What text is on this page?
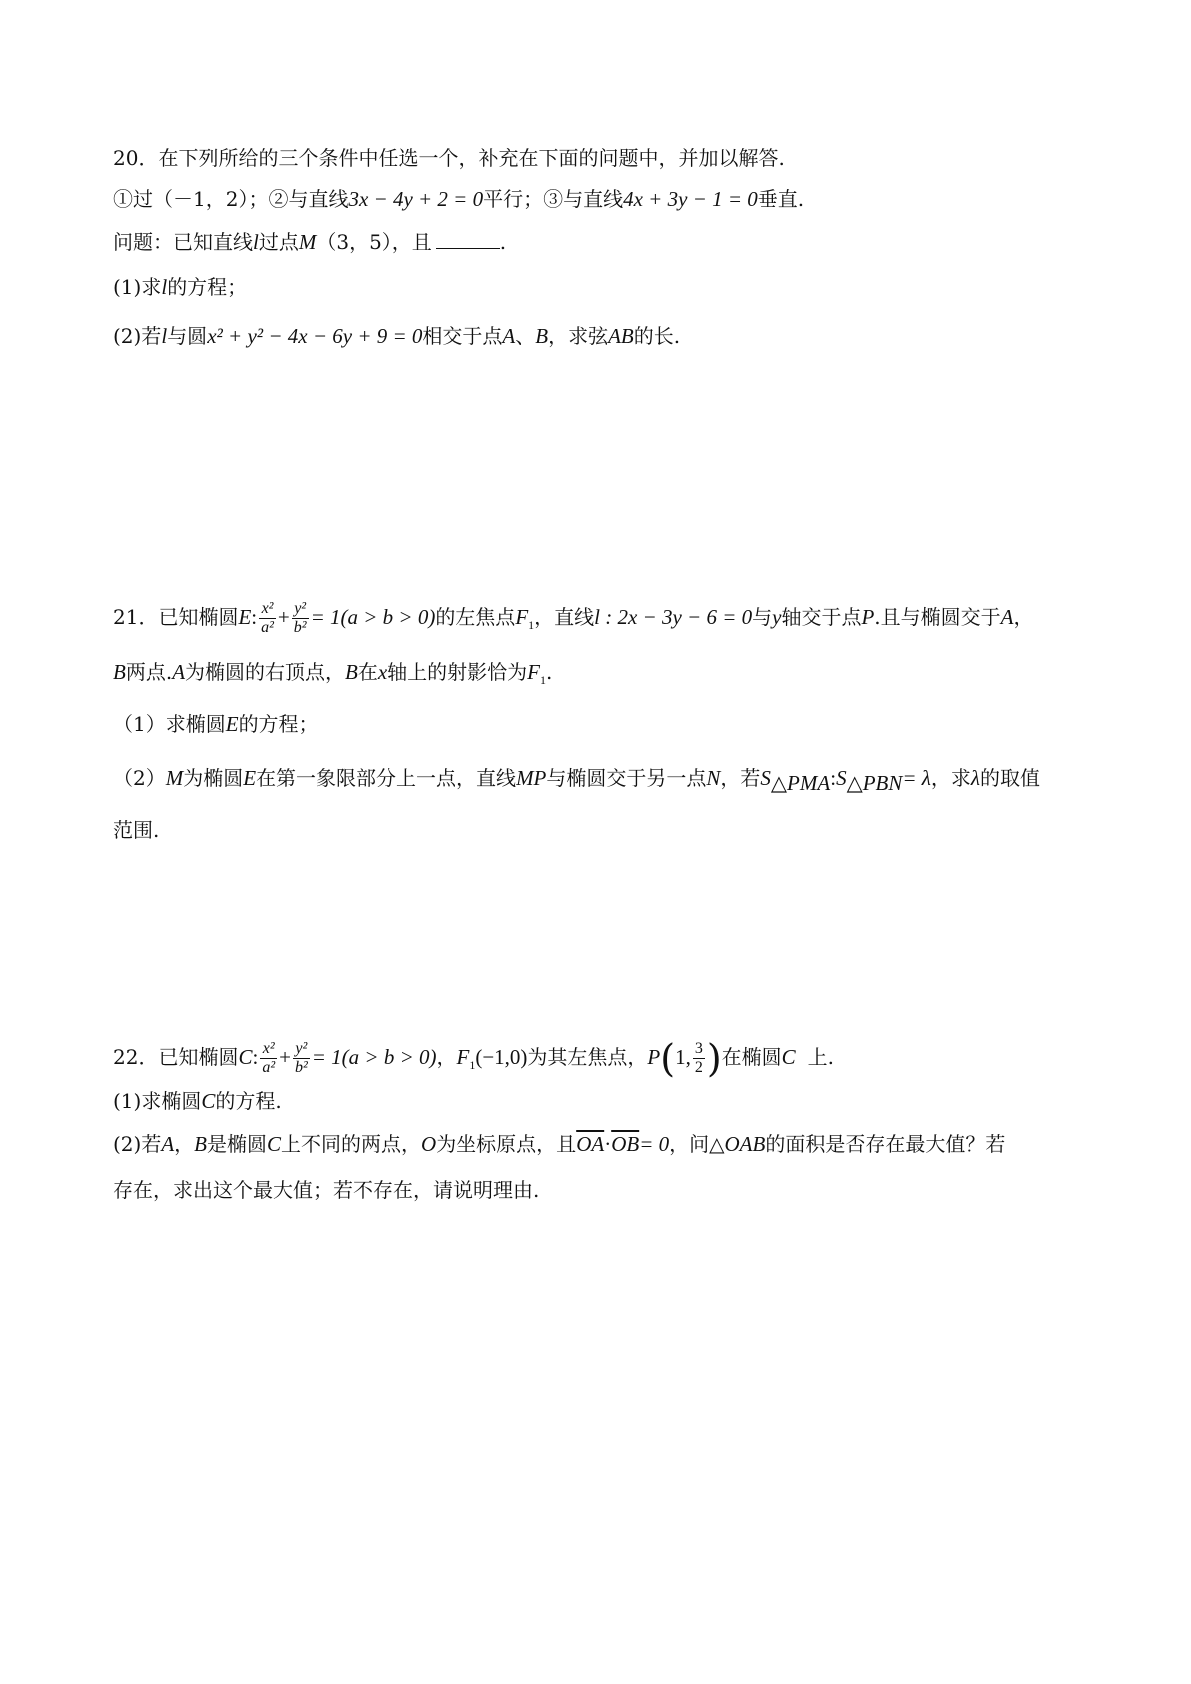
20．在下列所给的三个条件中任选一个，补充在下面的问题中，并加以解答.
①过（－1，2）；②与直线3x − 4y + 2 = 0平行；③与直线4x + 3y − 1 = 0垂直.
问题：已知直线l过点M（3，5），且	.
(1)求l的方程；
(2)若l与圆x² + y² − 4x − 6y + 9 = 0相交于点A、B，求弦AB的长.
21．已知椭圆E: $\frac{\text{x²}}{\text{a²}} + \frac{\text{y²}}{\text{b²}} = 1(a > b > 0)$的左焦点$F_1$，直线l : 2x − 3y − 6 = 0与y轴交于点P.且与椭圆交于A，
B两点.A为椭圆的右顶点，B在x轴上的射影恰为$F_1$.
（1）求椭圆E的方程；
（2）M为椭圆E在第一象限部分上一点，直线MP与椭圆交于另一点N，若$S_{\triangle PMA}:S_{\triangle PBN}= \lambda$，求λ的取值
范围.
22．已知椭圆C: $\frac{\text{x²}}{\text{a²}} + \frac{\text{y²}}{\text{b²}} = 1(a > b > 0)$，$F_1(-1,0)$为其左焦点，P(1, $\frac{3}{2}$ )在椭圆C 上.
(1)求椭圆C的方程.
(2)若A，B是椭圆C上不同的两点，O为坐标原点，且$\overline{OA}\cdot\overline{OB}= 0$，问△OAB的面积是否存在最大值？若
存在，求出这个最大值；若不存在，请说明理由.
